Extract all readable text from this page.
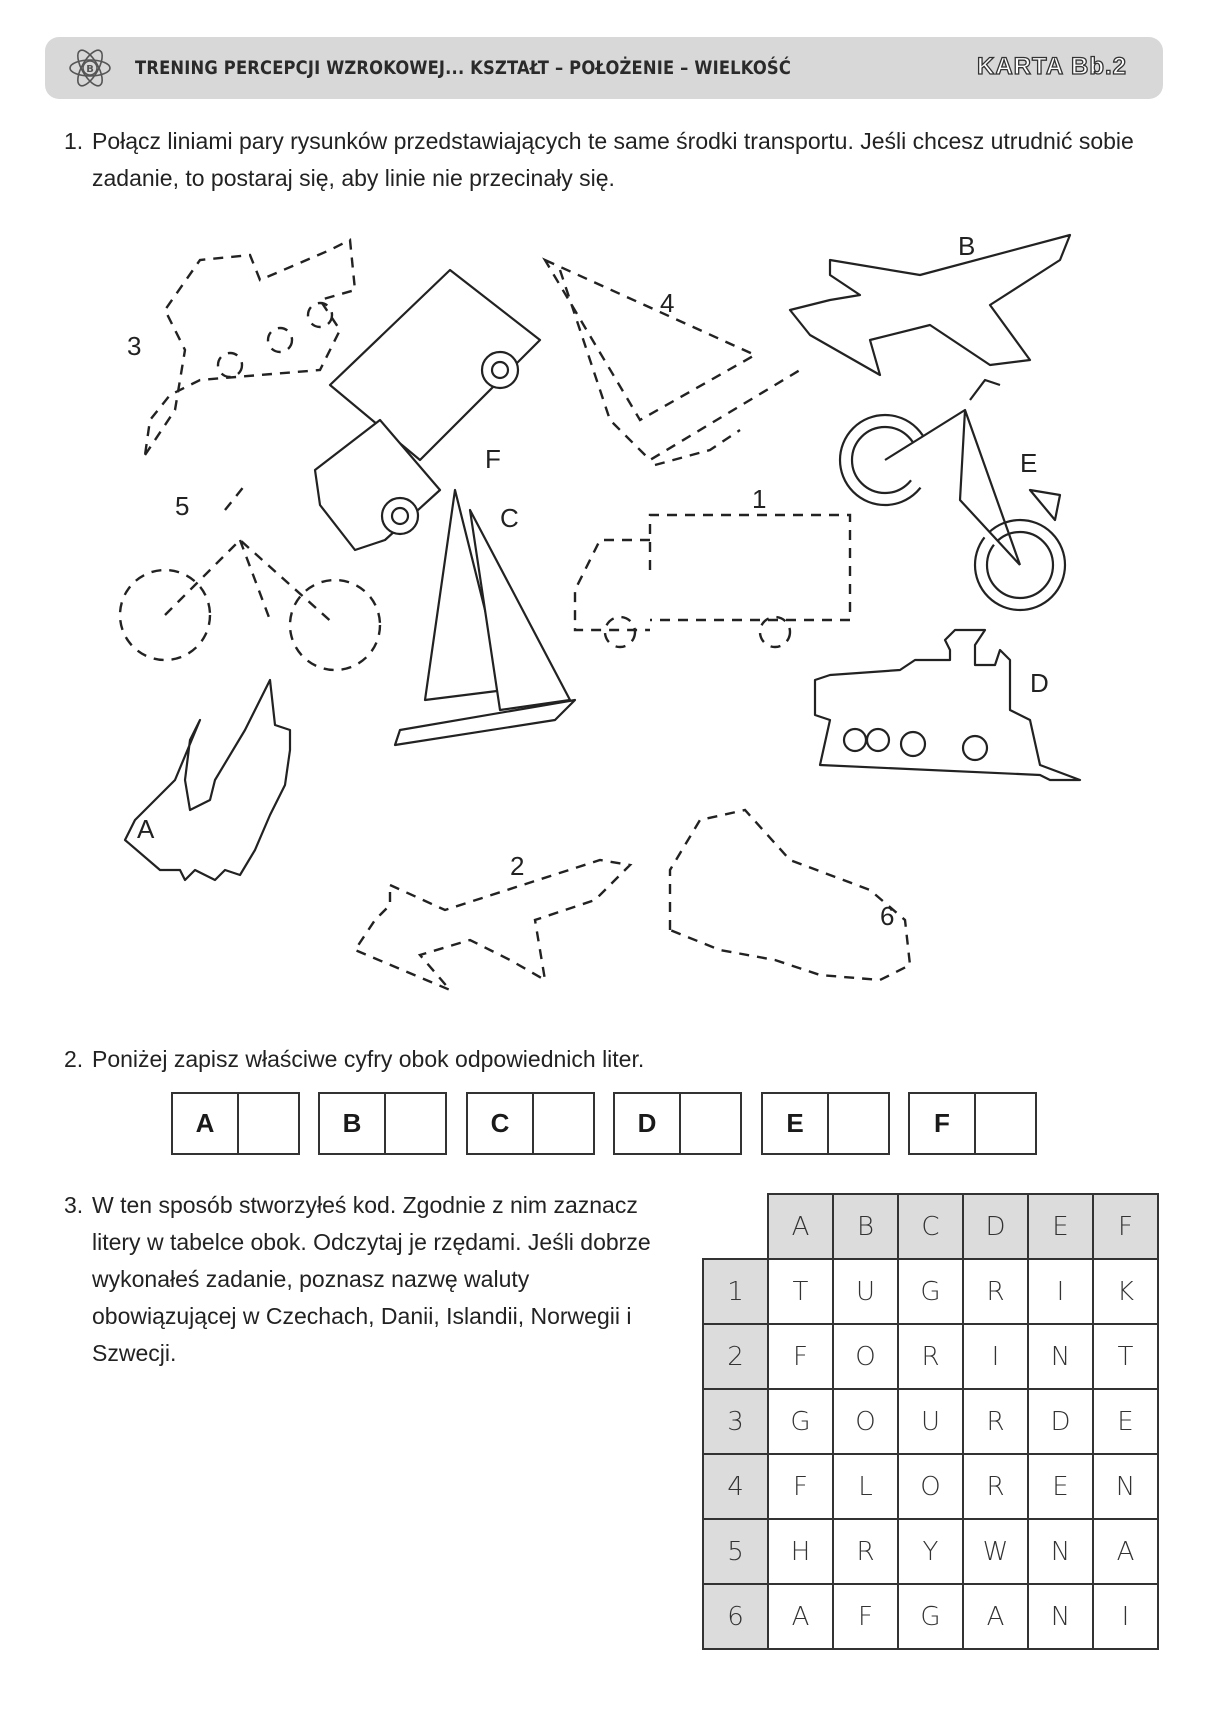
B TRENING PERCEPCJI WZROKOWEJ... KSZTAŁT – POŁOŻENIE – WIELKOŚĆ	KARTA Bb.2
1. Połącz liniami pary rysunków przedstawiających te same środki transportu. Jeśli chcesz utrudnić sobie zadanie, to postaraj się, aby linie nie przecinały się.
3
F
4
B
E
5	C
1
D
A
2
6
2. Poniżej zapisz właściwe cyfry obok odpowiednich liter.
A	B	C	D	E	F
3. W ten sposób stworzyłeś kod. Zgodnie z nim zaznacz litery w tabelce obok. Odczytaj je rzędami. Jeśli dobrze wykonałeś zadanie, poznasz nazwę waluty obowiązującej w Czechach, Danii, Islandii, Norwegii i Szwecji.
	A	B	C	D	E	F
1	T	U	G	R	I	K
2	F	O	R	I	N	T
3	G	O	U	R	D	E
4	F	L	O	R	E	N
5	H	R	Y	W	N	A
6	A	F	G	A	N	I
